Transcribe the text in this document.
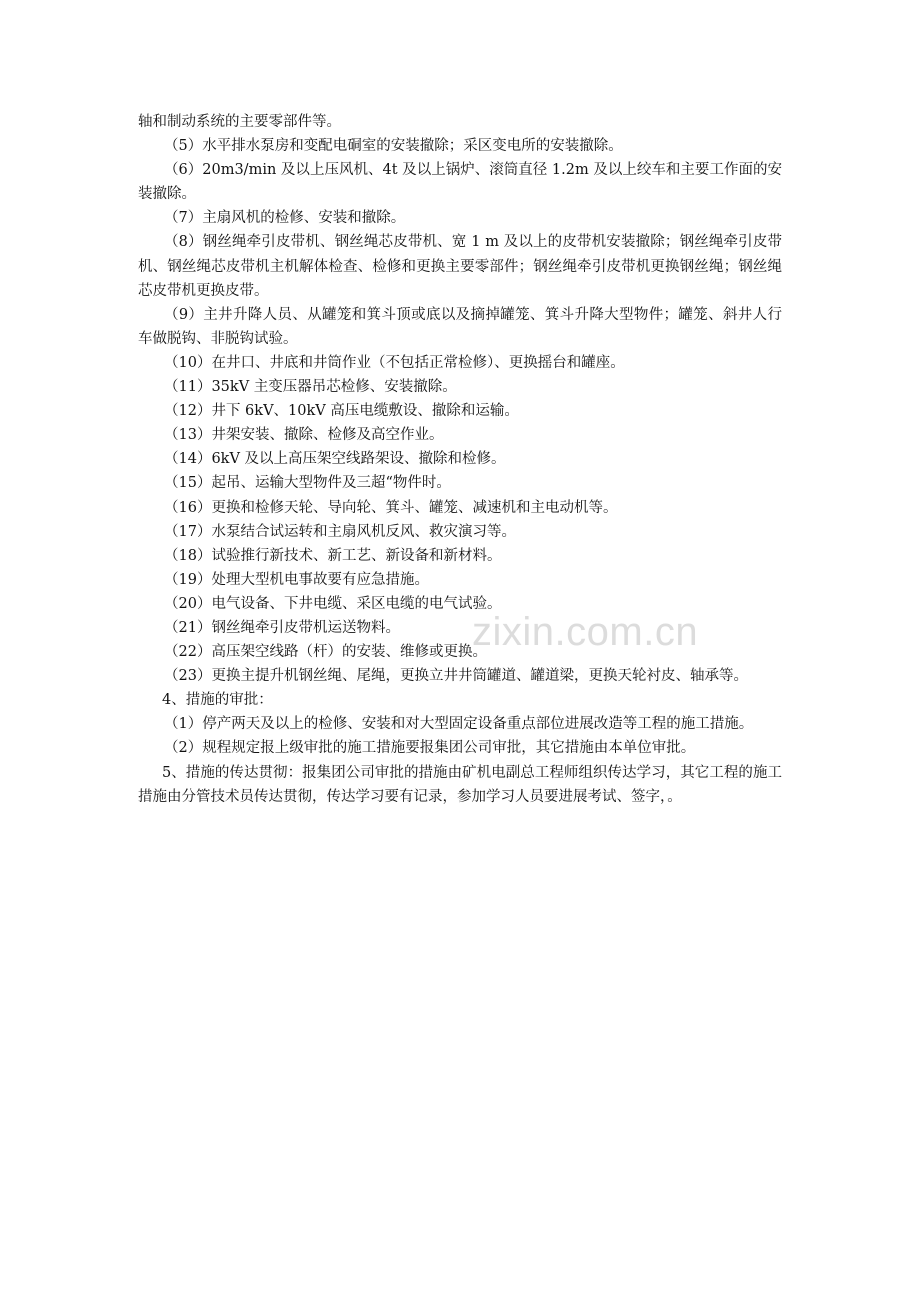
zixin.com.cn

轴和制动系统的主要零部件等。

（5）水平排水泵房和变配电硐室的安装撤除；采区变电所的安装撤除。

（6）20m3/min 及以上压风机、4t 及以上锅炉、滚筒直径 1.2m 及以上绞车和主要工作面的安装撤除。

（7）主扇风机的检修、安装和撤除。

（8）钢丝绳牵引皮带机、钢丝绳芯皮带机、宽 1 m 及以上的皮带机安装撤除；钢丝绳牵引皮带机、钢丝绳芯皮带机主机解体检查、检修和更换主要零部件；钢丝绳牵引皮带机更换钢丝绳；钢丝绳芯皮带机更换皮带。

（9）主井升降人员、从罐笼和箕斗顶或底以及摘掉罐笼、箕斗升降大型物件；罐笼、斜井人行车做脱钩、非脱钩试验。

（10）在井口、井底和井筒作业（不包括正常检修）、更换摇台和罐座。

（11）35kV 主变压器吊芯检修、安装撤除。

（12）井下 6kV、10kV 高压电缆敷设、撤除和运输。

（13）井架安装、撤除、检修及高空作业。

（14）6kV 及以上高压架空线路架设、撤除和检修。

（15）起吊、运输大型物件及三超“物件时。

（16）更换和检修天轮、导向轮、箕斗、罐笼、减速机和主电动机等。

（17）水泵结合试运转和主扇风机反风、救灾演习等。

（18）试验推行新技术、新工艺、新设备和新材料。

（19）处理大型机电事故要有应急措施。

（20）电气设备、下井电缆、采区电缆的电气试验。

（21）钢丝绳牵引皮带机运送物料。

（22）高压架空线路（杆）的安装、维修或更换。

（23）更换主提升机钢丝绳、尾绳，更换立井井筒罐道、罐道梁，更换天轮衬皮、轴承等。

4、措施的审批：

（1）停产两天及以上的检修、安装和对大型固定设备重点部位进展改造等工程的施工措施。

（2）规程规定报上级审批的施工措施要报集团公司审批，其它措施由本单位审批。

5、措施的传达贯彻：报集团公司审批的措施由矿机电副总工程师组织传达学习，其它工程的施工措施由分管技术员传达贯彻，传达学习要有记录，参加学习人员要进展考试、签字，。
